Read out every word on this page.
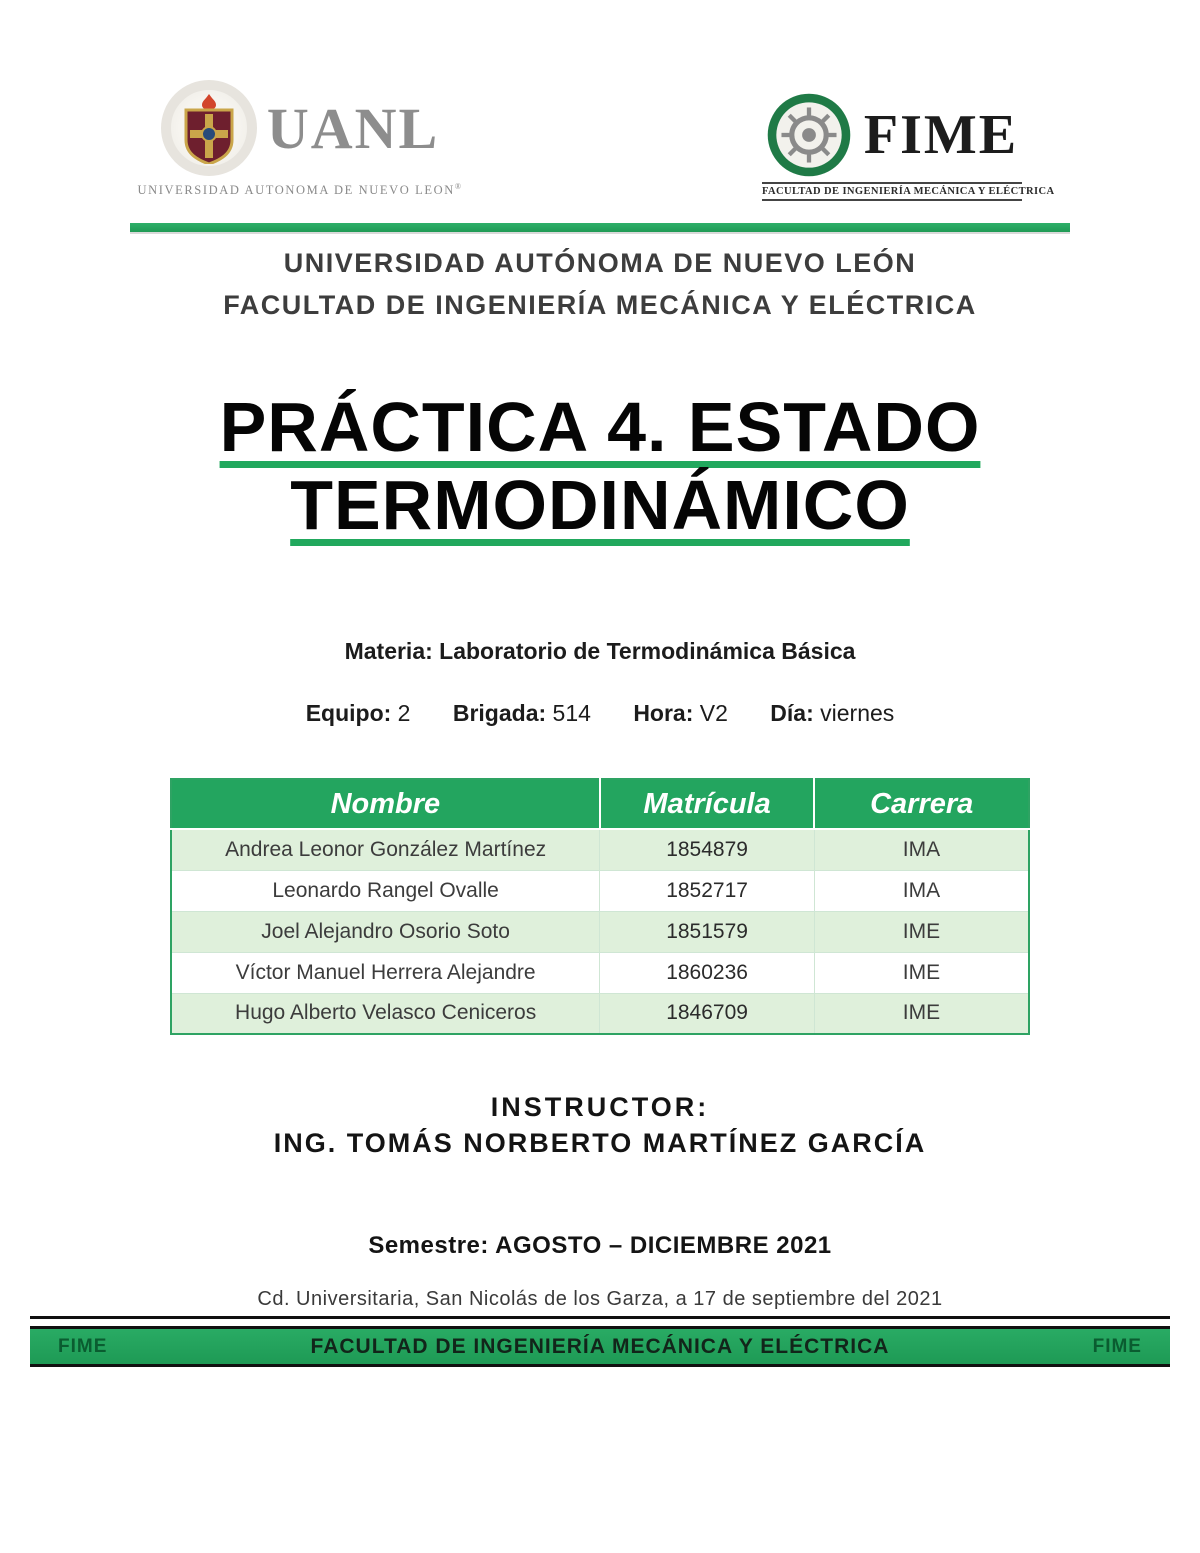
UANL
UNIVERSIDAD AUTONOMA DE NUEVO LEON®
FIME
FACULTAD DE INGENIERÍA MECÁNICA Y ELÉCTRICA
UNIVERSIDAD AUTÓNOMA DE NUEVO LEÓN
FACULTAD DE INGENIERÍA MECÁNICA Y ELÉCTRICA
PRÁCTICA 4. ESTADO
TERMODINÁMICO

Materia: Laboratorio de Termodinámica Básica

Equipo: 2 Brigada: 514 Hora: V2 Día: viernes

Nombre	Matrícula	Carrera
Andrea Leonor González Martínez	1854879	IMA
Leonardo Rangel Ovalle	1852717	IMA
Joel Alejandro Osorio Soto	1851579	IME
Víctor Manuel Herrera Alejandre	1860236	IME
Hugo Alberto Velasco Ceniceros	1846709	IME

INSTRUCTOR:

ING. TOMÁS NORBERTO MARTÍNEZ GARCÍA

Semestre: AGOSTO – DICIEMBRE 2021

Cd. Universitaria, San Nicolás de los Garza, a 17 de septiembre del 2021

FIME	FACULTAD DE INGENIERÍA MECÁNICA Y ELÉCTRICA	FIME
